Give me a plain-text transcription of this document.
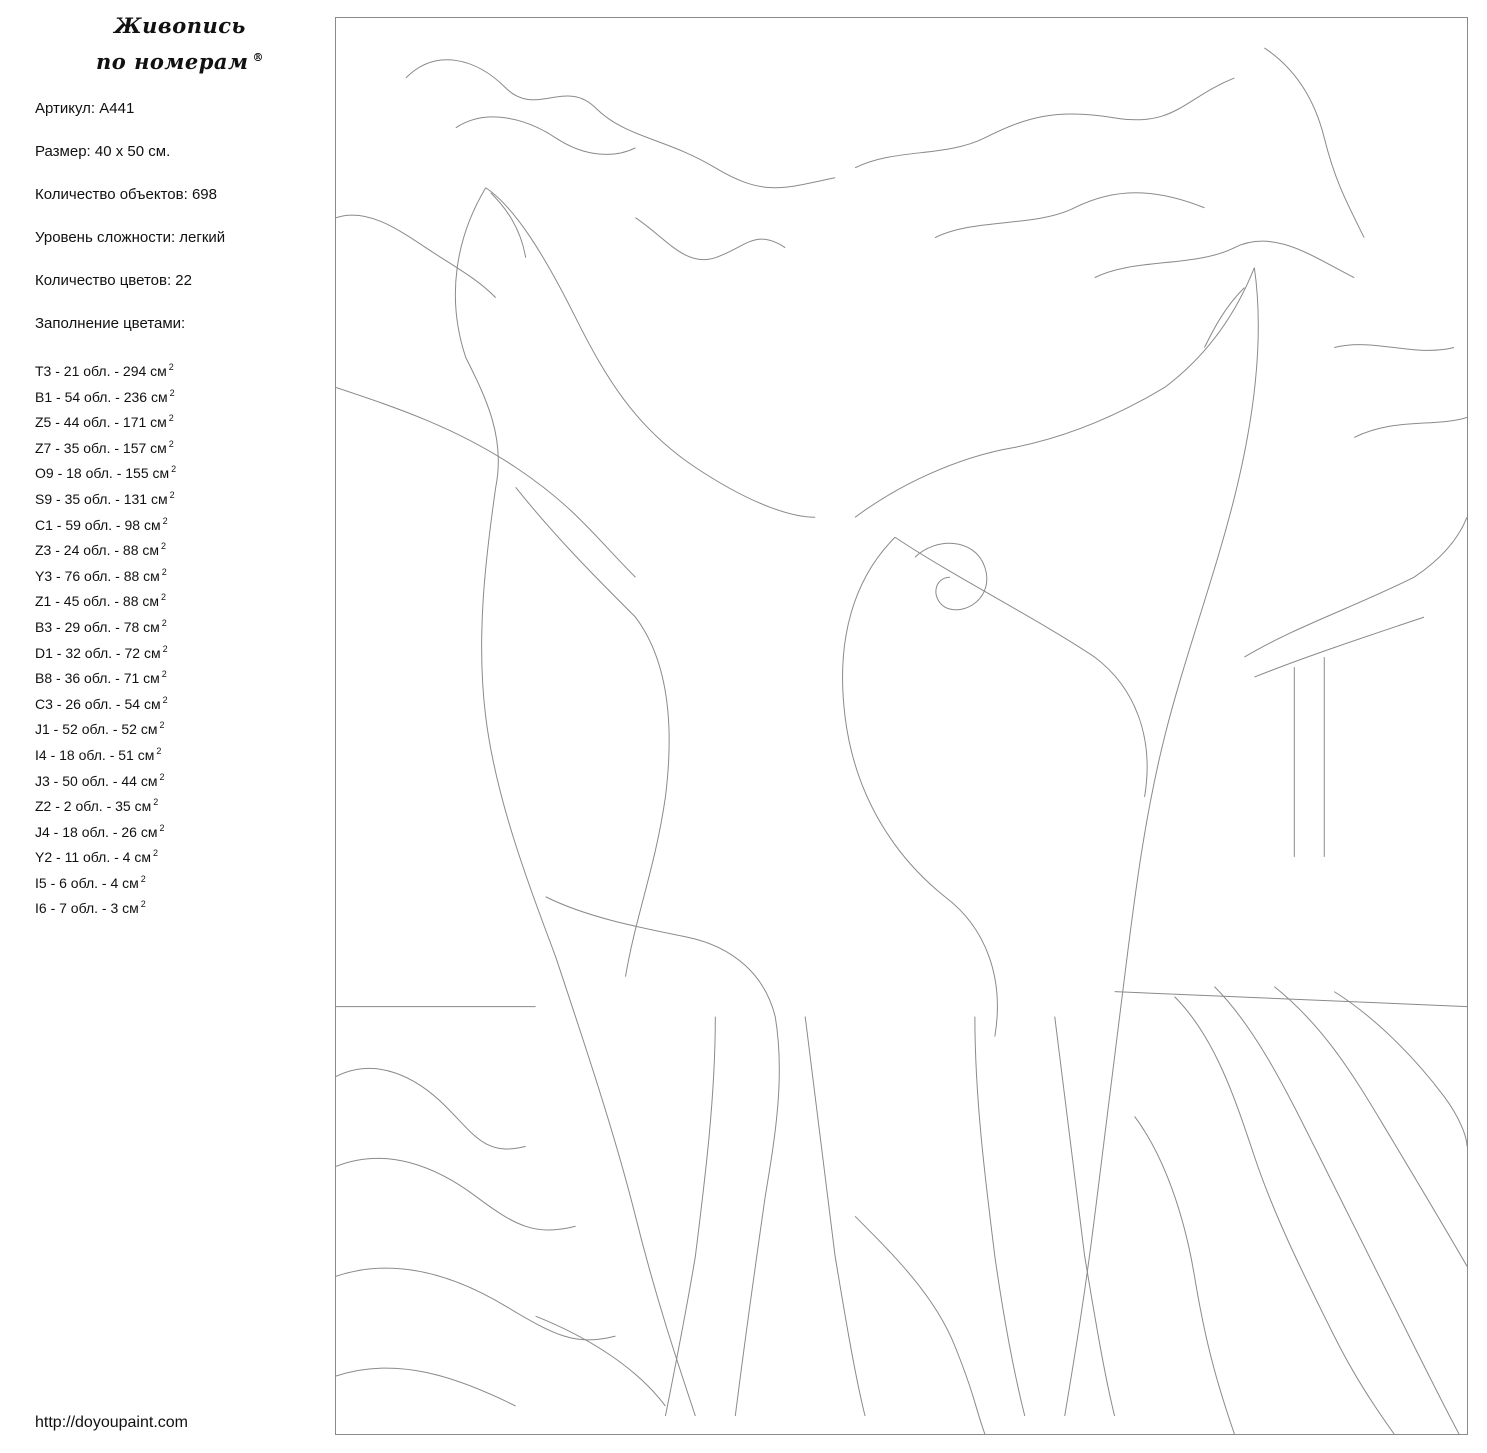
Живопись
по номерам ®
Артикул: A441
Размер: 40 х 50 см.
Количество объектов: 698
Уровень сложности: легкий
Количество цветов: 22
Заполнение цветами:
T3 - 21 обл. - 294 см $^2$
B1 - 54 обл. - 236 см $^2$
Z5 - 44 обл. - 171 см $^2$
Z7 - 35 обл. - 157 см $^2$
O9 - 18 обл. - 155 см $^2$
S9 - 35 обл. - 131 см $^2$
C1 - 59 обл. - 98 см $^2$
Z3 - 24 обл. - 88 см $^2$
Y3 - 76 обл. - 88 см $^2$
Z1 - 45 обл. - 88 см $^2$
B3 - 29 обл. - 78 см $^2$
D1 - 32 обл. - 72 см $^2$
B8 - 36 обл. - 71 см $^2$
C3 - 26 обл. - 54 см $^2$
J1 - 52 обл. - 52 см $^2$
I4 - 18 обл. - 51 см $^2$
J3 - 50 обл. - 44 см $^2$
Z2 - 2 обл. - 35 см $^2$
J4 - 18 обл. - 26 см $^2$
Y2 - 11 обл. - 4 см $^2$
I5 - 6 обл. - 4 см $^2$
I6 - 7 обл. - 3 см $^2$
http://doyoupaint.com
